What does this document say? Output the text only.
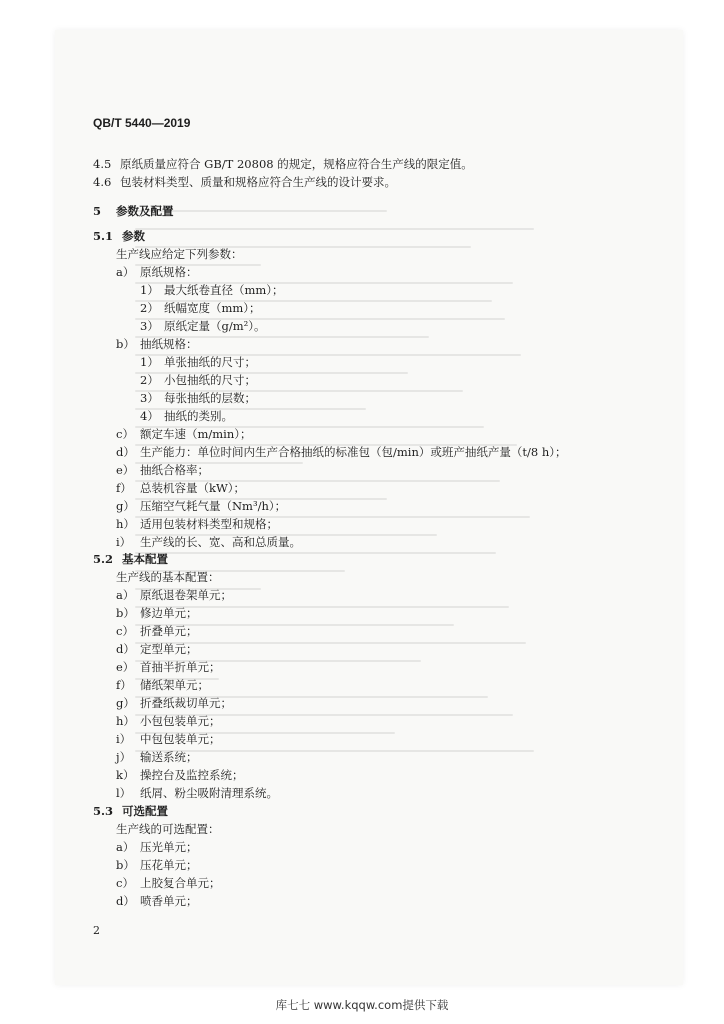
QB/T 5440—2019
4.5 原纸质量应符合 GB/T 20808 的规定，规格应符合生产线的限定值。
4.6 包装材料类型、质量和规格应符合生产线的设计要求。
5 参数及配置
5.1 参数
生产线应给定下列参数：
a） 原纸规格：
1） 最大纸卷直径（mm）；
2） 纸幅宽度（mm）；
3） 原纸定量（g/m²）。
b） 抽纸规格：
1） 单张抽纸的尺寸；
2） 小包抽纸的尺寸；
3） 每张抽纸的层数；
4） 抽纸的类别。
c） 额定车速（m/min）；
d） 生产能力：单位时间内生产合格抽纸的标准包（包/min）或班产抽纸产量（t/8 h）；
e） 抽纸合格率；
f） 总装机容量（kW）；
g） 压缩空气耗气量（Nm³/h）；
h） 适用包装材料类型和规格；
i） 生产线的长、宽、高和总质量。
5.2 基本配置
生产线的基本配置：
a） 原纸退卷架单元；
b） 修边单元；
c） 折叠单元；
d） 定型单元；
e） 首抽半折单元；
f） 储纸架单元；
g） 折叠纸裁切单元；
h） 小包包装单元；
i） 中包包装单元；
j） 输送系统；
k） 操控台及监控系统；
l） 纸屑、粉尘吸附清理系统。
5.3 可选配置
生产线的可选配置：
a） 压光单元；
b） 压花单元；
c） 上胶复合单元；
d） 喷香单元；
2
库七七 www.kqqw.com提供下载
